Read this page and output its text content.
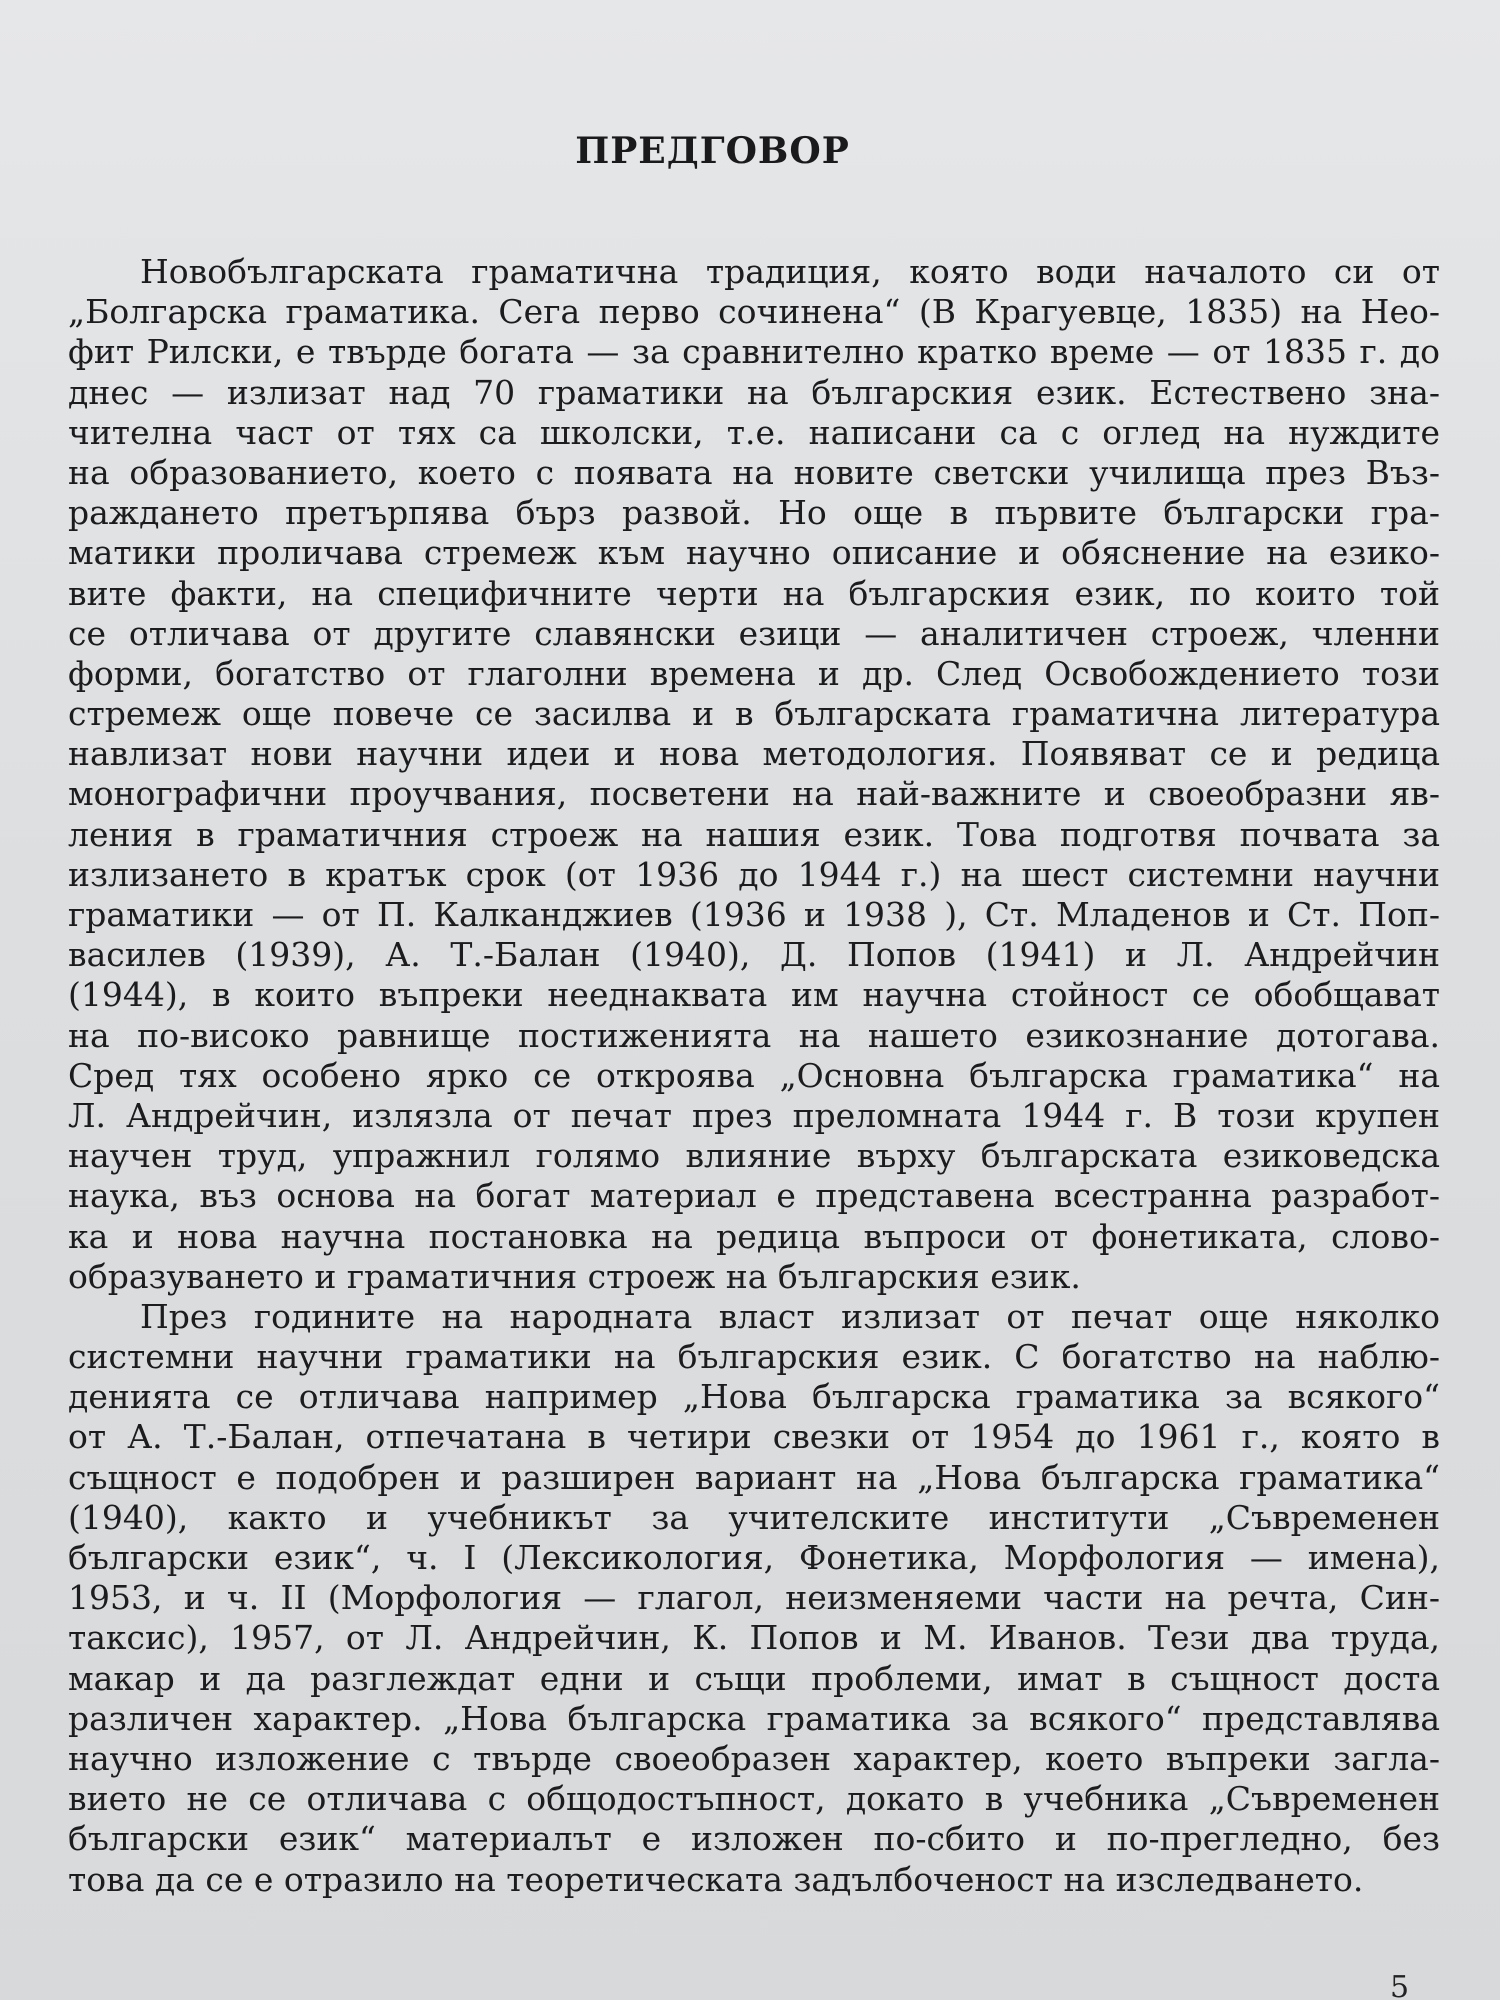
ПРЕДГОВОР
Новобългарската граматична традиция, която води началото си от
„Болгарска граматика. Сега перво сочинена“ (В Крагуевце, 1835) на Нео-
фит Рилски, е твърде богата — за сравнително кратко време — от 1835 г. до
днес — излизат над 70 граматики на българския език. Естествено зна-
чителна част от тях са школски, т.е. написани са с оглед на нуждите
на образованието, което с появата на новите светски училища през Въз-
раждането претърпява бърз развой. Но още в първите български гра-
матики проличава стремеж към научно описание и обяснение на езико-
вите факти, на специфичните черти на българския език, по които той
се отличава от другите славянски езици — аналитичен строеж, членни
форми, богатство от глаголни времена и др. След Освобождението този
стремеж още повече се засилва и в българската граматична литература
навлизат нови научни идеи и нова методология. Появяват се и редица
монографични проучвания, посветени на най-важните и своеобразни яв-
ления в граматичния строеж на нашия език. Това подготвя почвата за
излизането в кратък срок (от 1936 до 1944 г.) на шест системни научни
граматики — от П. Калканджиев (1936 и 1938 ), Ст. Младенов и Ст. Поп-
василев (1939), А. Т.-Балан (1940), Д. Попов (1941) и Л. Андрейчин
(1944), в които въпреки нееднаквата им научна стойност се обобщават
на по-високо равнище постиженията на нашето езикознание дотогава.
Сред тях особено ярко се откроява „Основна българска граматика“ на
Л. Андрейчин, излязла от печат през преломната 1944 г. В този крупен
научен труд, упражнил голямо влияние върху българската езиковедска
наука, въз основа на богат материал е представена всестранна разработ-
ка и нова научна постановка на редица въпроси от фонетиката, слово-
образуването и граматичния строеж на българския език.
През годините на народната власт излизат от печат още няколко
системни научни граматики на българския език. С богатство на наблю-
денията се отличава например „Нова българска граматика за всякого“
от А. Т.-Балан, отпечатана в четири свезки от 1954 до 1961 г., която в
същност е подобрен и разширен вариант на „Нова българска граматика“
(1940), както и учебникът за учителските институти „Съвременен
български език“, ч. I (Лексикология, Фонетика, Морфология — имена),
1953, и ч. II (Морфология — глагол, неизменяеми части на речта, Син-
таксис), 1957, от Л. Андрейчин, К. Попов и М. Иванов. Тези два труда,
макар и да разглеждат едни и същи проблеми, имат в същност доста
различен характер. „Нова българска граматика за всякого“ представлява
научно изложение с твърде своеобразен характер, което въпреки загла-
вието не се отличава с общодостъпност, докато в учебника „Съвременен
български език“ материалът е изложен по-сбито и по-прегледно, без
това да се е отразило на теоретическата задълбоченост на изследването.
5
